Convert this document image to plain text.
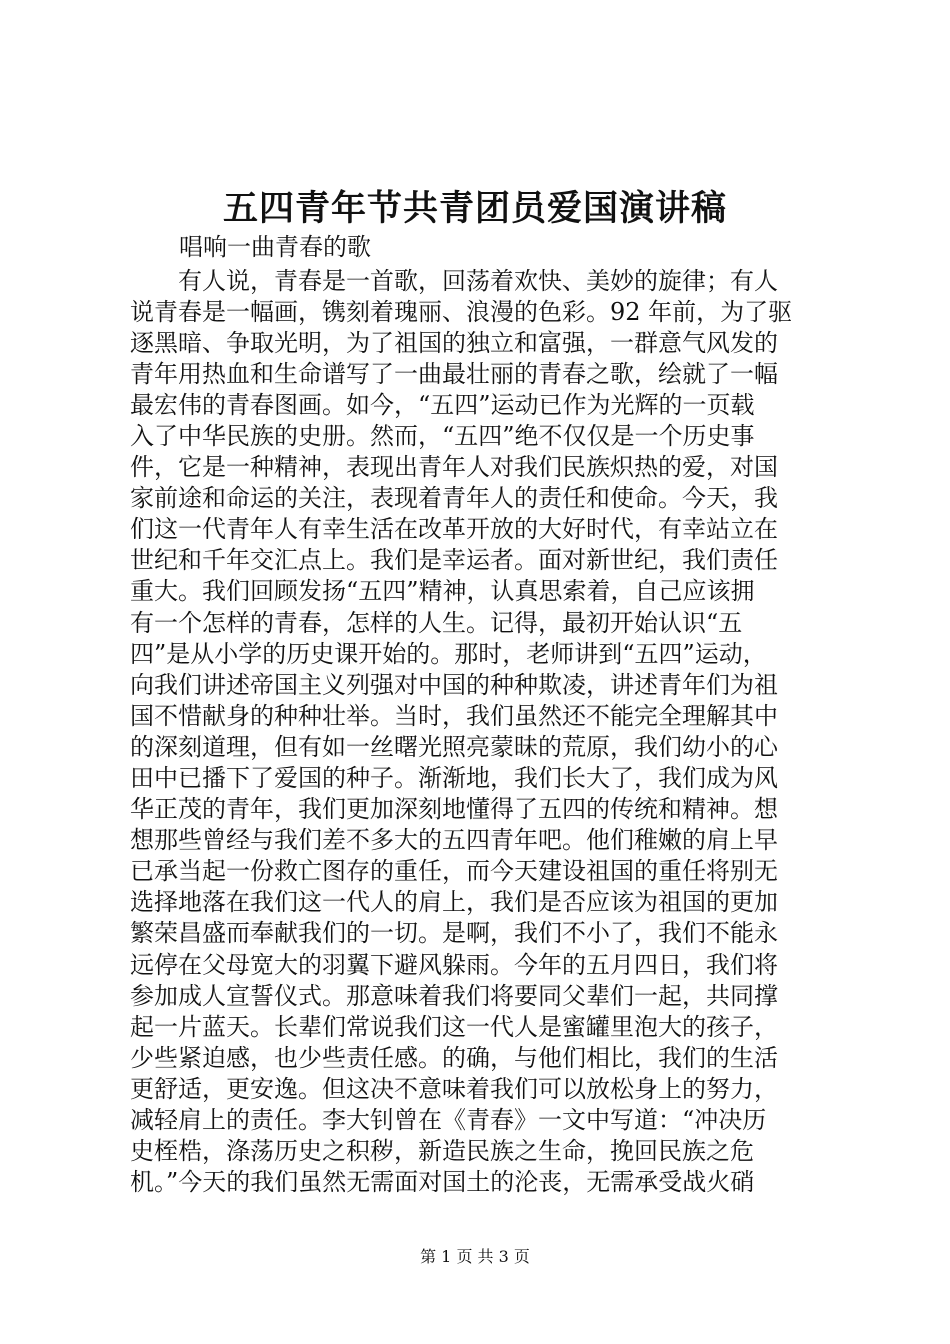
五四青年节共青团员爱国演讲稿

唱响一曲青春的歌

有人说，青春是一首歌，回荡着欢快、美妙的旋律；有人
说青春是一幅画，镌刻着瑰丽、浪漫的色彩。92 年前，为了驱
逐黑暗、争取光明，为了祖国的独立和富强，一群意气风发的
青年用热血和生命谱写了一曲最壮丽的青春之歌，绘就了一幅
最宏伟的青春图画。如今，“五四”运动已作为光辉的一页载
入了中华民族的史册。然而，“五四”绝不仅仅是一个历史事
件，它是一种精神，表现出青年人对我们民族炽热的爱，对国
家前途和命运的关注，表现着青年人的责任和使命。今天，我
们这一代青年人有幸生活在改革开放的大好时代，有幸站立在
世纪和千年交汇点上。我们是幸运者。面对新世纪，我们责任
重大。我们回顾发扬“五四”精神，认真思索着，自己应该拥
有一个怎样的青春，怎样的人生。记得，最初开始认识“五
四”是从小学的历史课开始的。那时，老师讲到“五四”运动，
向我们讲述帝国主义列强对中国的种种欺凌，讲述青年们为祖
国不惜献身的种种壮举。当时，我们虽然还不能完全理解其中
的深刻道理，但有如一丝曙光照亮蒙昧的荒原，我们幼小的心
田中已播下了爱国的种子。渐渐地，我们长大了，我们成为风
华正茂的青年，我们更加深刻地懂得了五四的传统和精神。想
想那些曾经与我们差不多大的五四青年吧。他们稚嫩的肩上早
已承当起一份救亡图存的重任，而今天建设祖国的重任将别无
选择地落在我们这一代人的肩上，我们是否应该为祖国的更加
繁荣昌盛而奉献我们的一切。是啊，我们不小了，我们不能永
远停在父母宽大的羽翼下避风躲雨。今年的五月四日，我们将
参加成人宣誓仪式。那意味着我们将要同父辈们一起，共同撑
起一片蓝天。长辈们常说我们这一代人是蜜罐里泡大的孩子，
少些紧迫感，也少些责任感。的确，与他们相比，我们的生活
更舒适，更安逸。但这决不意味着我们可以放松身上的努力，
减轻肩上的责任。李大钊曾在《青春》一文中写道：“冲决历
史桎梏，涤荡历史之积秽，新造民族之生命，挽回民族之危
机。”今天的我们虽然无需面对国土的沦丧，无需承受战火硝
第 1 页 共 3 页
